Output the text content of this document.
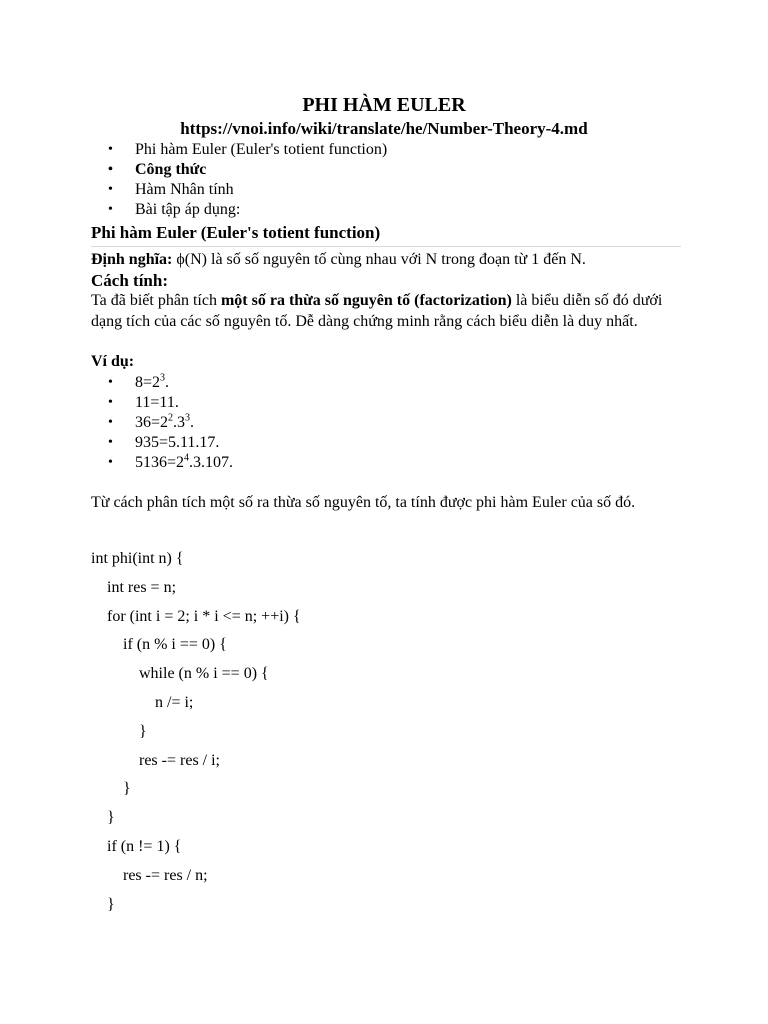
PHI HÀM EULER
https://vnoi.info/wiki/translate/he/Number-Theory-4.md
• Phi hàm Euler (Euler's totient function)
• Công thức
• Hàm Nhân tính
• Bài tập áp dụng:
Phi hàm Euler (Euler's totient function)
Định nghĩa: ϕ(N) là số số nguyên tố cùng nhau với N trong đoạn từ 1 đến N.
Cách tính:
Ta đã biết phân tích một số ra thừa số nguyên tố (factorization) là biểu diễn số đó dưới dạng tích của các số nguyên tố. Dễ dàng chứng minh rằng cách biểu diễn là duy nhất.
Ví dụ:
• $8=2^3$.
• 11=11.
• $36=2^2.3^3$.
• 935=5.11.17.
• $5136=2^4.3.107$.
Từ cách phân tích một số ra thừa số nguyên tố, ta tính được phi hàm Euler của số đó.
int phi(int n) {
int res = n;
for (int i = 2; i * i <= n; ++i) {
if (n % i == 0) {
while (n % i == 0) {
n /= i;
}
res -= res / i;
}
}
if (n != 1) {
res -= res / n;
}
